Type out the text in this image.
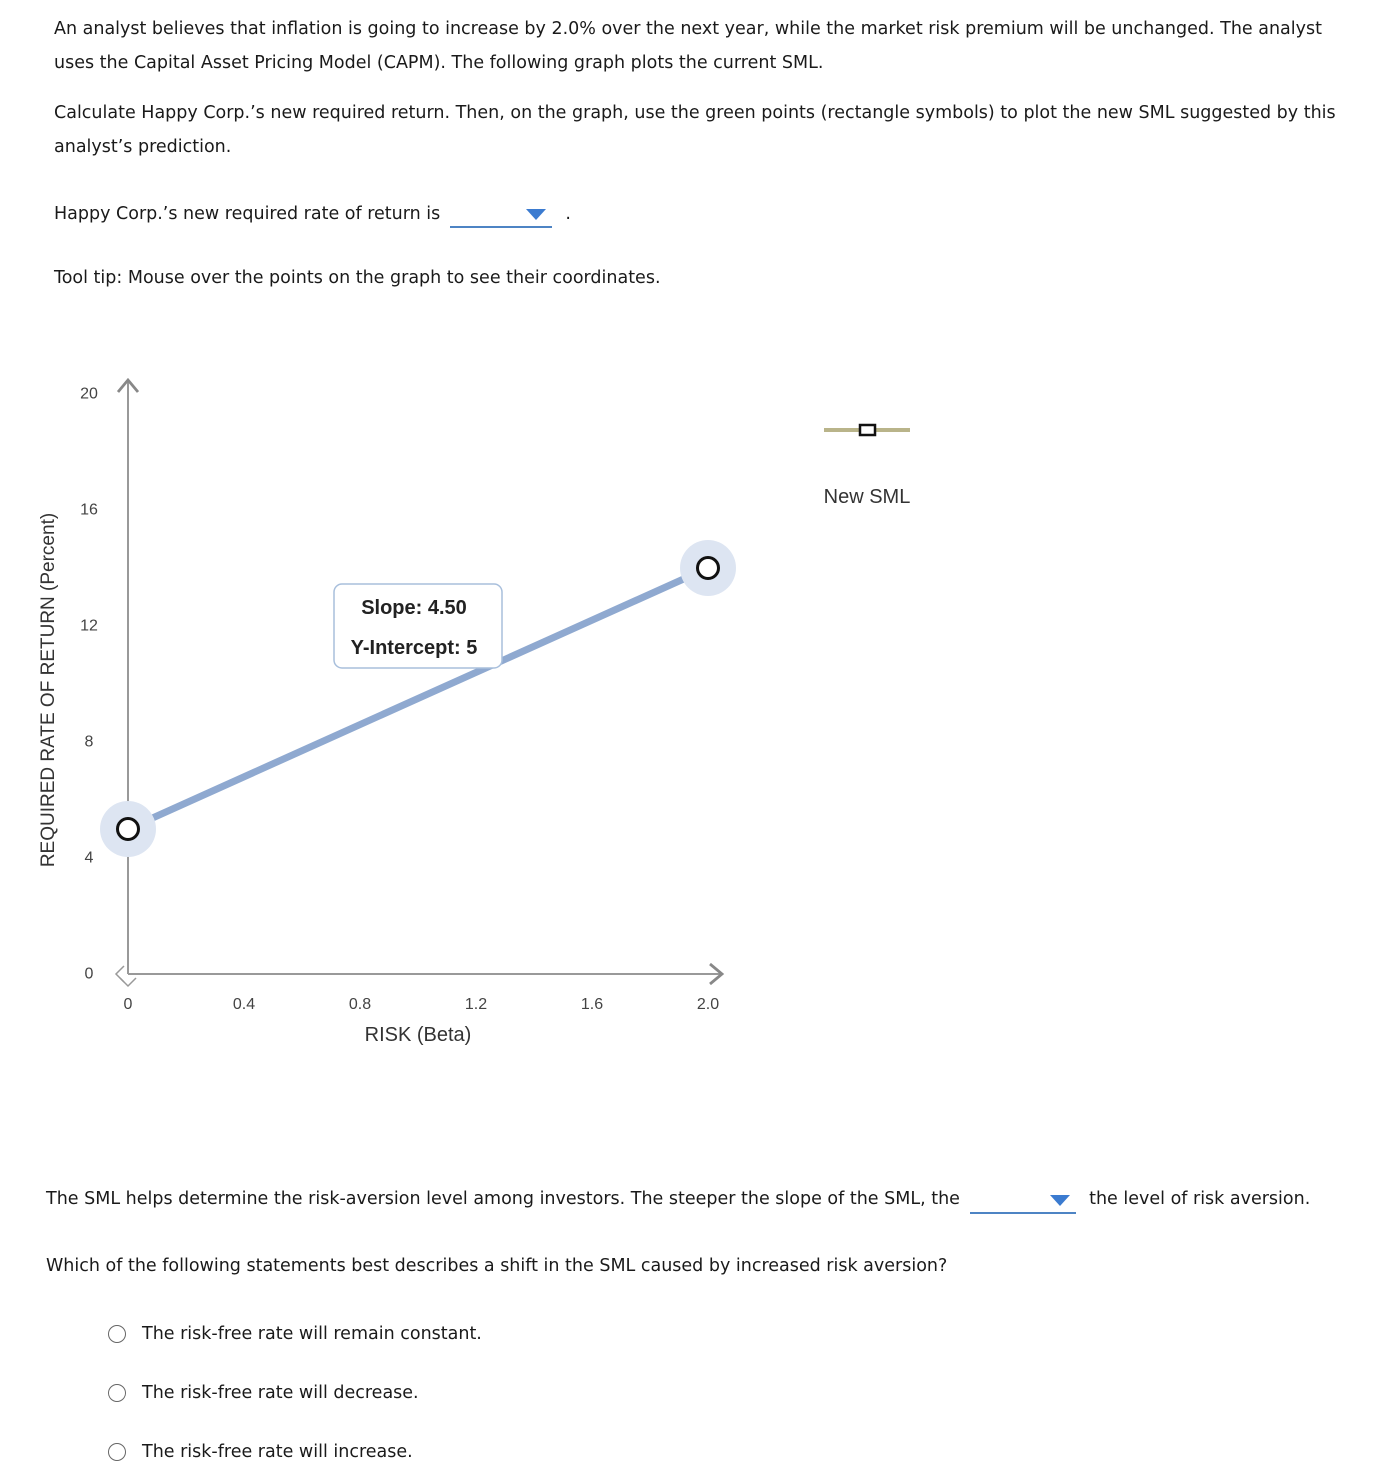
An analyst believes that inflation is going to increase by 2.0% over the next year, while the market risk premium will be unchanged. The analyst uses the Capital Asset Pricing Model (CAPM). The following graph plots the current SML.

Calculate Happy Corp.’s new required return. Then, on the graph, use the green points (rectangle symbols) to plot the new SML suggested by this analyst’s prediction.

Happy Corp.’s new required rate of return is	.
Tool tip: Mouse over the points on the graph to see their coordinates.
0
4
8
12
16
20
0	0.4	0.8	1.2	1.6	2.0
REQUIRED RATE OF RETURN (Percent)
RISK (Beta)
Slope: 4.50
Y-Intercept: 5
New SML
The SML helps determine the risk-aversion level among investors. The steeper the slope of the SML, the	the level of risk aversion.
Which of the following statements best describes a shift in the SML caused by increased risk aversion?
The risk-free rate will remain constant.
The risk-free rate will decrease.
The risk-free rate will increase.
